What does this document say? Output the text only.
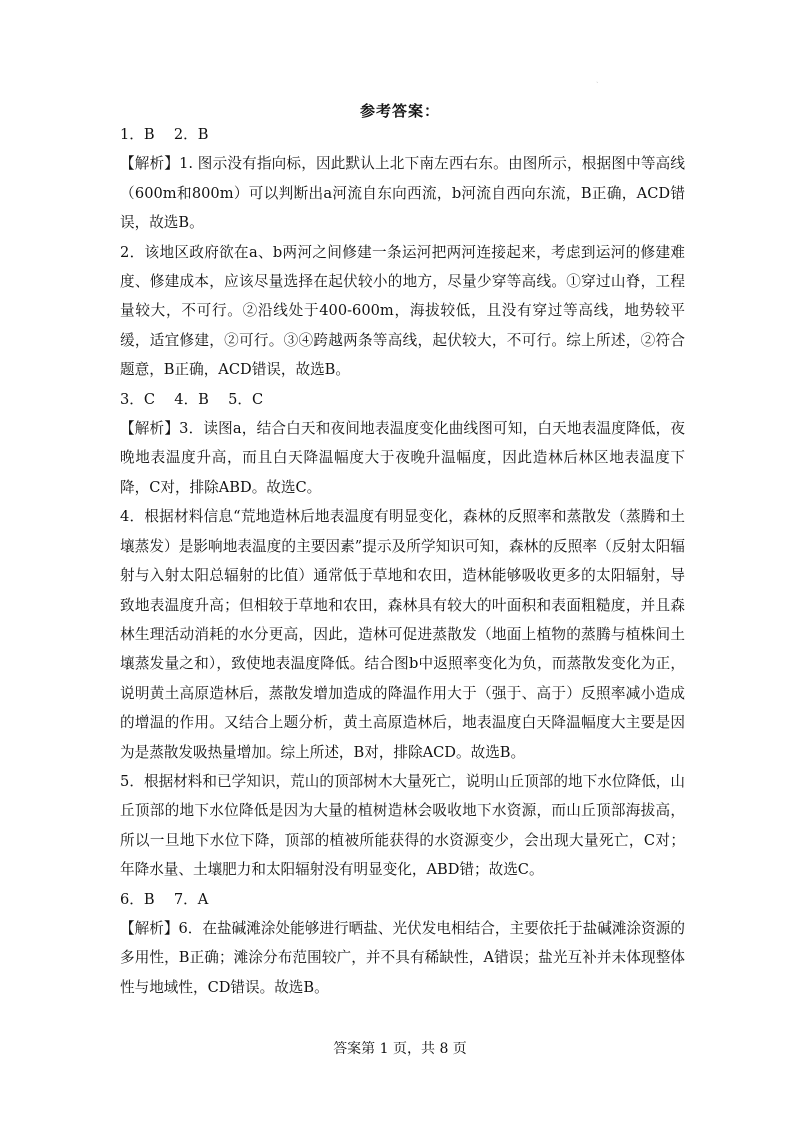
`
参考答案：

1．B　 2．B

【解析】1. 图示没有指向标，因此默认上北下南左西右东。由图所示，根据图中等高线（600m和800m）可以判断出a河流自东向西流，b河流自西向东流，B正确，ACD错误，故选B。

2．该地区政府欲在a、b两河之间修建一条运河把两河连接起来，考虑到运河的修建难度、修建成本，应该尽量选择在起伏较小的地方，尽量少穿等高线。①穿过山脊，工程量较大，不可行。②沿线处于400-600m，海拔较低，且没有穿过等高线，地势较平缓，适宜修建，②可行。③④跨越两条等高线，起伏较大，不可行。综上所述，②符合题意，B正确，ACD错误，故选B。

3．C　 4．B　 5．C

【解析】3．读图a，结合白天和夜间地表温度变化曲线图可知，白天地表温度降低，夜晚地表温度升高，而且白天降温幅度大于夜晚升温幅度，因此造林后林区地表温度下降，C对，排除ABD。故选C。

4．根据材料信息“荒地造林后地表温度有明显变化，森林的反照率和蒸散发（蒸腾和土壤蒸发）是影响地表温度的主要因素”提示及所学知识可知，森林的反照率（反射太阳辐射与入射太阳总辐射的比值）通常低于草地和农田，造林能够吸收更多的太阳辐射，导致地表温度升高；但相较于草地和农田，森林具有较大的叶面积和表面粗糙度，并且森林生理活动消耗的水分更高，因此，造林可促进蒸散发（地面上植物的蒸腾与植株间土壤蒸发量之和），致使地表温度降低。结合图b中返照率变化为负，而蒸散发变化为正，说明黄土高原造林后，蒸散发增加造成的降温作用大于（强于、高于）反照率减小造成的增温的作用。又结合上题分析，黄土高原造林后，地表温度白天降温幅度大主要是因为是蒸散发吸热量增加。综上所述，B对，排除ACD。故选B。

5．根据材料和已学知识，荒山的顶部树木大量死亡，说明山丘顶部的地下水位降低，山丘顶部的地下水位降低是因为大量的植树造林会吸收地下水资源，而山丘顶部海拔高，所以一旦地下水位下降，顶部的植被所能获得的水资源变少，会出现大量死亡，C对；年降水量、土壤肥力和太阳辐射没有明显变化，ABD错；故选C。

6．B　 7．A

【解析】6．在盐碱滩涂处能够进行晒盐、光伏发电相结合，主要依托于盐碱滩涂资源的多用性，B正确；滩涂分布范围较广，并不具有稀缺性，A错误；盐光互补并未体现整体性与地域性，CD错误。故选B。

答案第 1 页，共 8 页
